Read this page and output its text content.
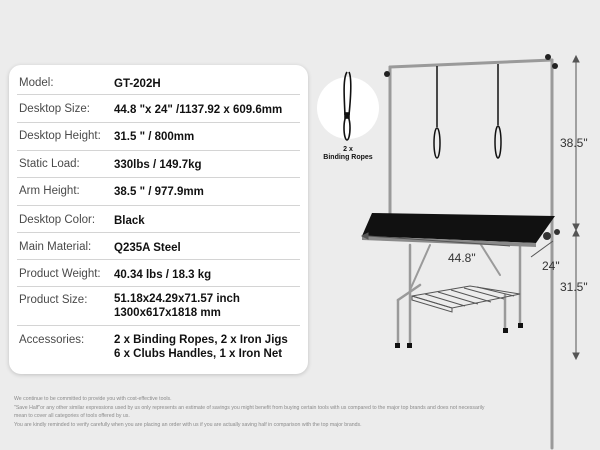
Model:	GT-202H
Desktop Size: 44.8 "x 24" /1137.92 x 609.6mm
Desktop Height: 31.5 " / 800mm
Static Load:	330lbs / 149.7kg
Arm Height:	38.5 " / 977.9mm
Desktop Color: Black
Main Material: Q235A Steel
Product Weight: 40.34 lbs / 18.3 kg
Product Size: 51.18x24.29x71.57 inch
1300x617x1818 mm
Accessories:	2 x Binding Ropes, 2 x Iron Jigs
6 x Clubs Handles, 1 x Iron Net
38.5"
44.8"
24"
31.5"
2 x
Binding Ropes
We continue to be committed to provide you with cost-effective tools.
"Save Half"or any other similar expressions used by us only represents an estimate of savings you might benefit from buying certain tools with us compared to the major top brands and does not necessarily
mean to cover all categories of tools offered by us.
You are kindly reminded to verify carefully when you are placing an order with us if you are actually saving half in comparison with the top major brands.
